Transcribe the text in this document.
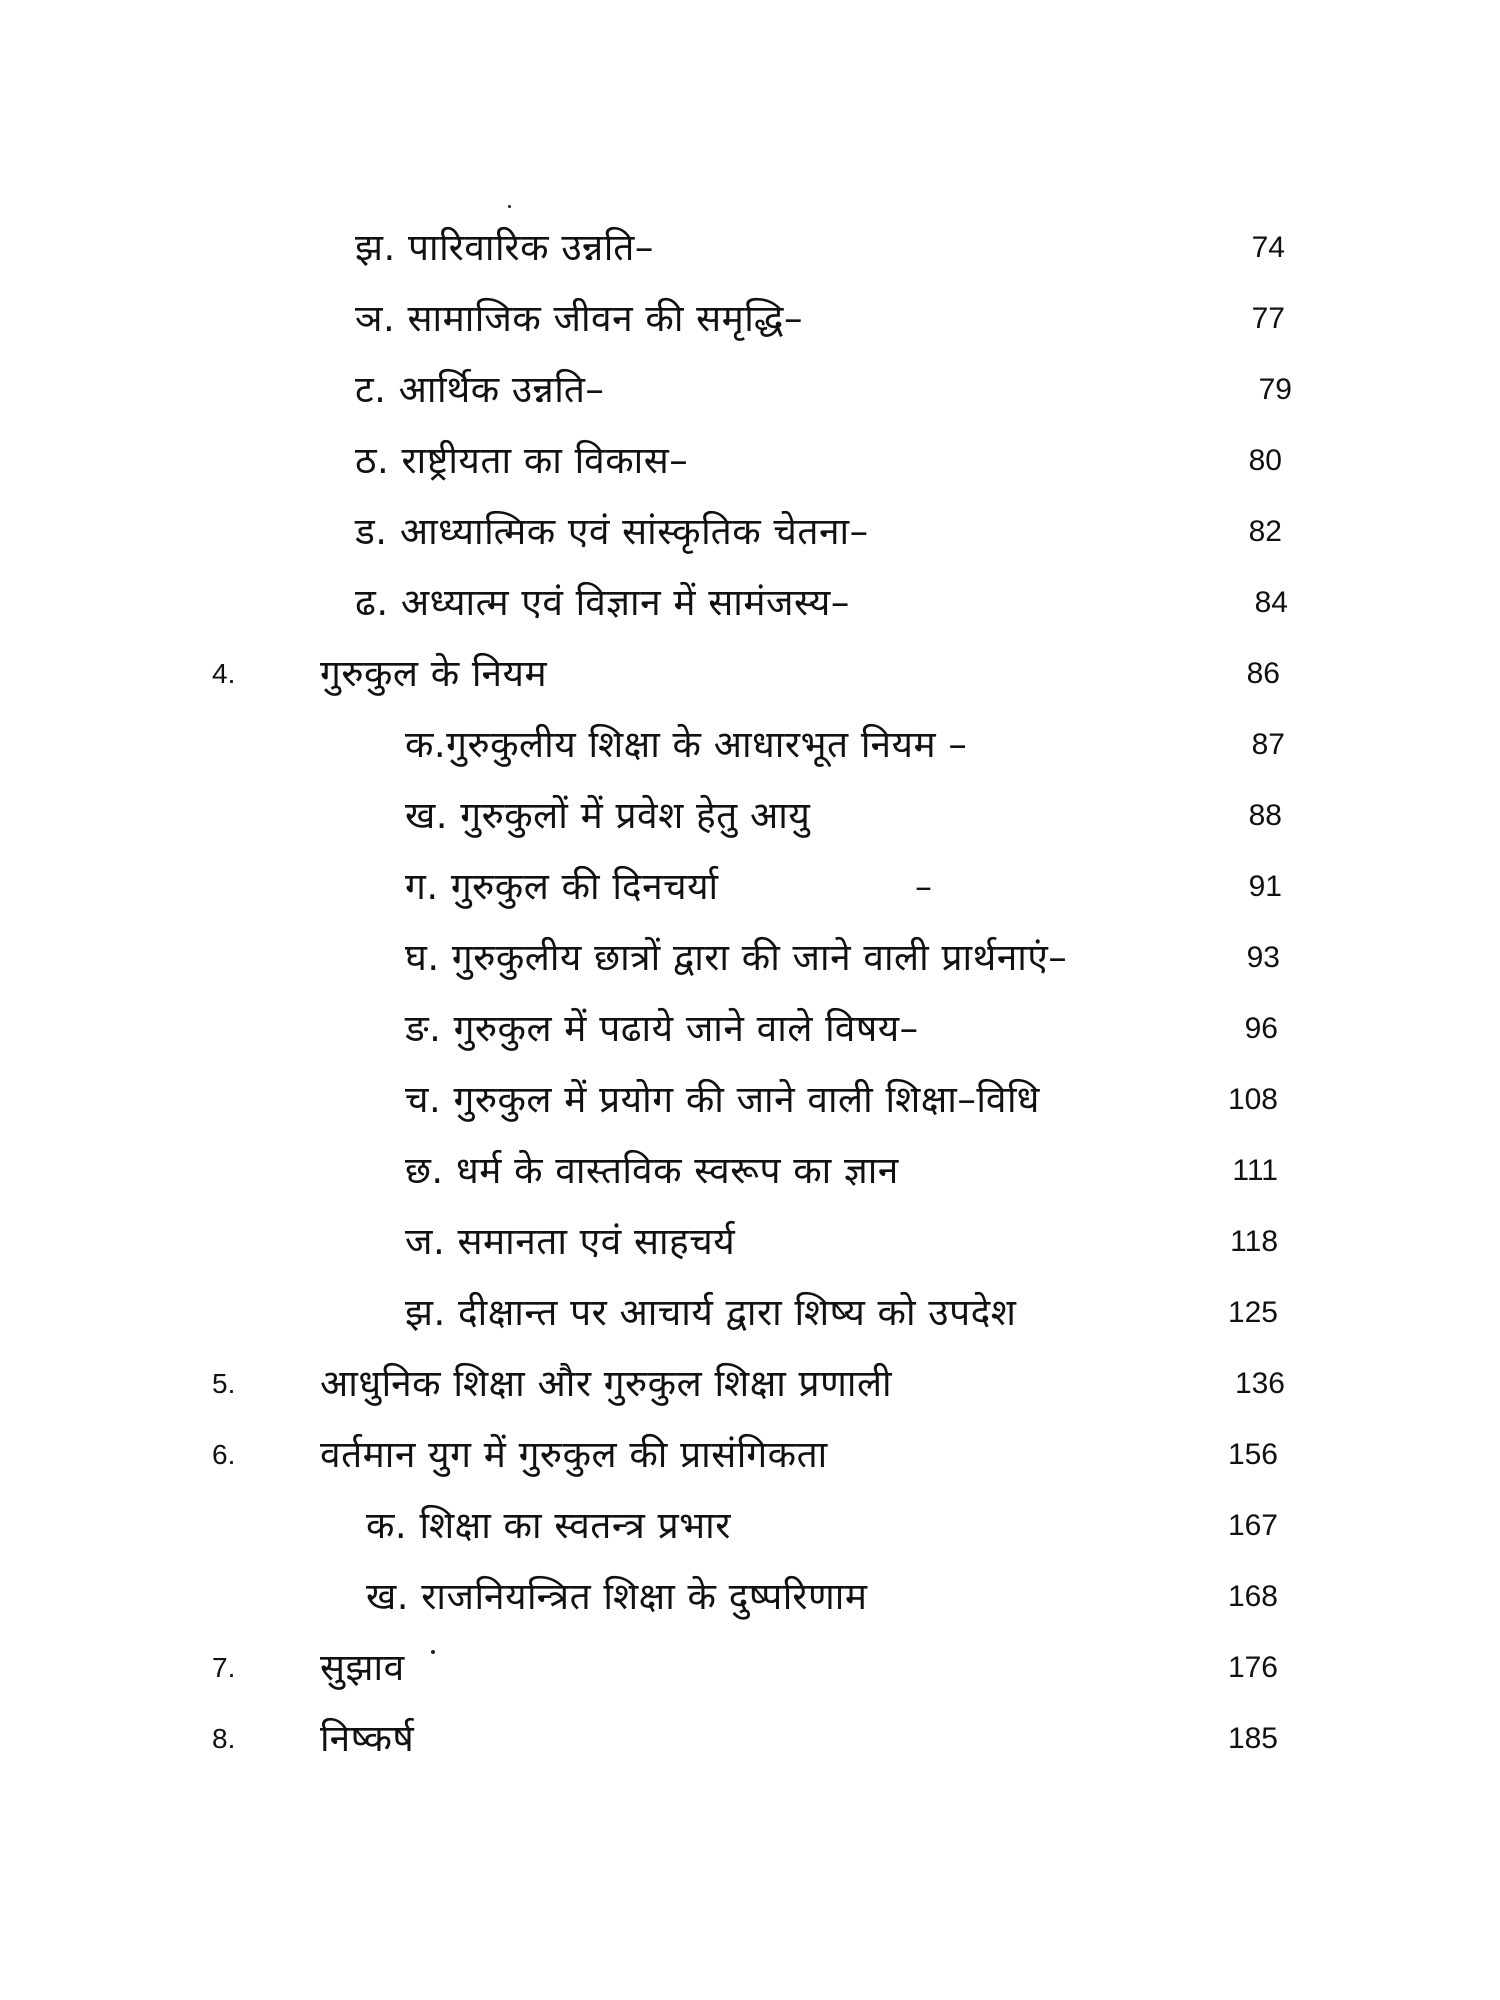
झ. पारिवारिक उन्नति–	74
ञ. सामाजिक जीवन की समृद्धि–	77
ट. आर्थिक उन्नति–	79
ठ. राष्ट्रीयता का विकास–	80
ड. आध्यात्मिक एवं सांस्कृतिक चेतना–	82
ढ. अध्यात्म एवं विज्ञान में सामंजस्य–	84
4. गुरुकुल के नियम	86
क.गुरुकुलीय शिक्षा के आधारभूत नियम –	87
ख. गुरुकुलों में प्रवेश हेतु आयु	88
ग. गुरुकुल की दिनचर्या	–	91
घ. गुरुकुलीय छात्रों द्वारा की जाने वाली प्रार्थनाएं–	93
ङ. गुरुकुल में पढाये जाने वाले विषय–	96
च. गुरुकुल में प्रयोग की जाने वाली शिक्षा–विधि	108
छ. धर्म के वास्तविक स्वरूप का ज्ञान	111
ज. समानता एवं साहचर्य	118
झ. दीक्षान्त पर आचार्य द्वारा शिष्य को उपदेश	125
5. आधुनिक शिक्षा और गुरुकुल शिक्षा प्रणाली	136
6. वर्तमान युग में गुरुकुल की प्रासंगिकता	156
क. शिक्षा का स्वतन्त्र प्रभार	167
ख. राजनियन्त्रित शिक्षा के दुष्परिणाम	168
7. सुझाव	176
8. निष्कर्ष	185
